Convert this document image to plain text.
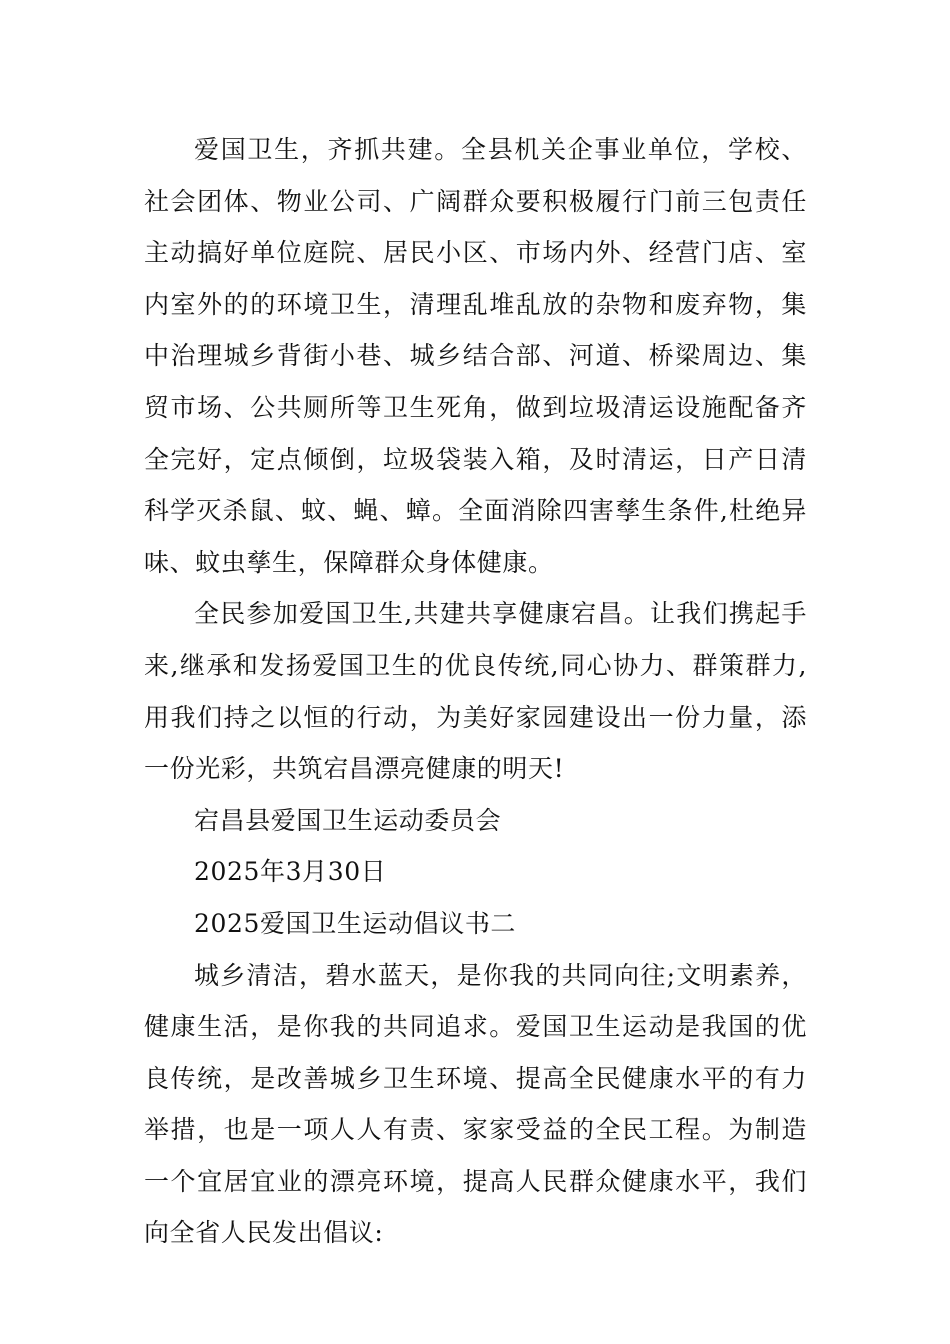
爱国卫生，齐抓共建。全县机关企事业单位，学校、社会团体、物业公司、广阔群众要积极履行门前三包责任主动搞好单位庭院、居民小区、市场内外、经营门店、室内室外的的环境卫生，清理乱堆乱放的杂物和废弃物，集中治理城乡背街小巷、城乡结合部、河道、桥梁周边、集贸市场、公共厕所等卫生死角，做到垃圾清运设施配备齐全完好，定点倾倒，垃圾袋装入箱，及时清运，日产日清科学灭杀鼠、蚊、蝇、蟑。全面消除四害孳生条件,杜绝异味、蚊虫孳生，保障群众身体健康。

全民参加爱国卫生,共建共享健康宕昌。让我们携起手来,继承和发扬爱国卫生的优良传统,同心协力、群策群力,用我们持之以恒的行动，为美好家园建设出一份力量，添一份光彩，共筑宕昌漂亮健康的明天!

宕昌县爱国卫生运动委员会

2025年3月30日

2025爱国卫生运动倡议书二

城乡清洁，碧水蓝天，是你我的共同向往;文明素养，健康生活，是你我的共同追求。爱国卫生运动是我国的优良传统，是改善城乡卫生环境、提高全民健康水平的有力举措，也是一项人人有责、家家受益的全民工程。为制造一个宜居宜业的漂亮环境，提高人民群众健康水平，我们向全省人民发出倡议:
